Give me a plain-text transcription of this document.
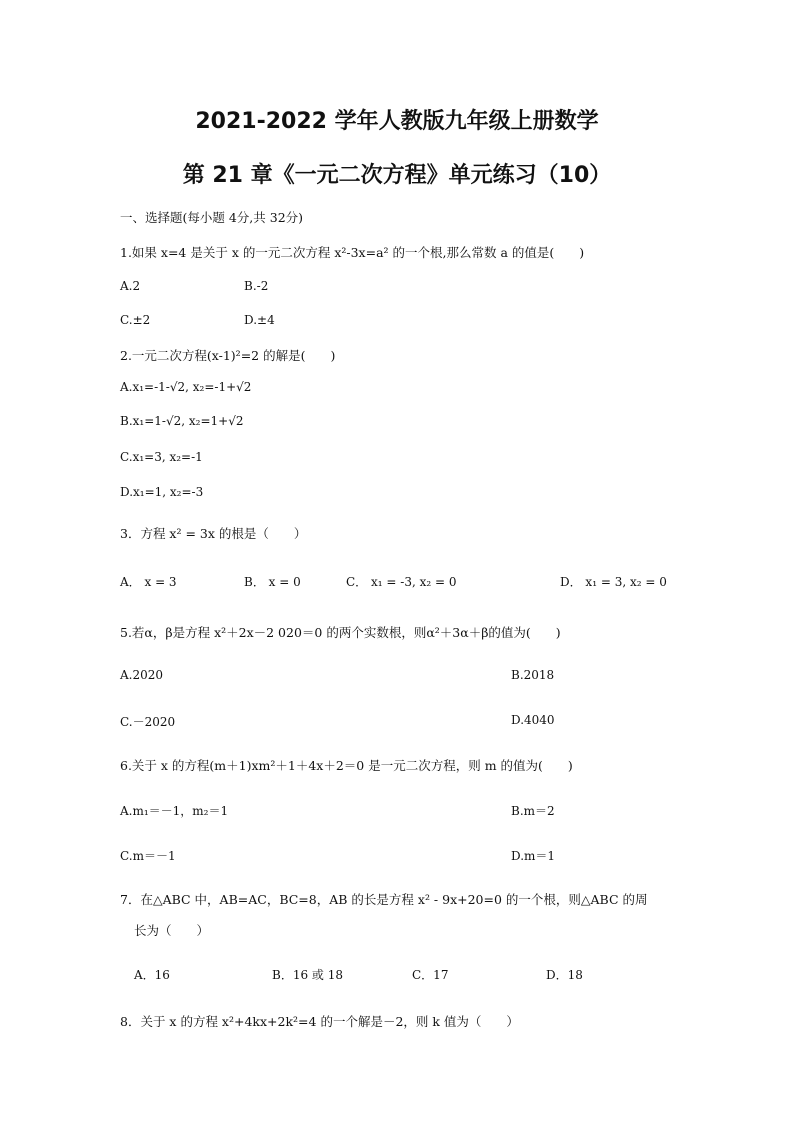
2021-2022 学年人教版九年级上册数学
第 21 章《一元二次方程》单元练习（10）
一、选择题(每小题 4分,共 32分)
1.如果 x=4 是关于 x 的一元二次方程 x²-3x=a² 的一个根,那么常数 a 的值是(　　)
A.2	B.-2
C.±2	D.±4
2.一元二次方程(x-1)²=2 的解是(　　)
A.x₁=-1-√2, x₂=-1+√2
B.x₁=1-√2, x₂=1+√2
C.x₁=3, x₂=-1
D.x₁=1, x₂=-3
3．方程 x² = 3x 的根是（　　）
A． x = 3	B． x = 0	C． x₁ = -3, x₂ = 0	D． x₁ = 3, x₂ = 0
5.若α，β是方程 x²＋2x－2 020＝0 的两个实数根，则α²＋3α＋β的值为(　　)
A.2020	B.2018
C.－2020	D.4040
6.关于 x 的方程(m＋1)xm²＋1＋4x＋2＝0 是一元二次方程，则 m 的值为(　　)
A.m₁＝－1，m₂＝1	B.m＝2
C.m＝－1	D.m＝1
7．在△ABC 中，AB=AC，BC=8，AB 的长是方程 x² - 9x+20=0 的一个根，则△ABC 的周
长为（　　）
A．16	B．16 或 18	C．17	D．18
8．关于 x 的方程 x²+4kx+2k²=4 的一个解是－2，则 k 值为（　　）
